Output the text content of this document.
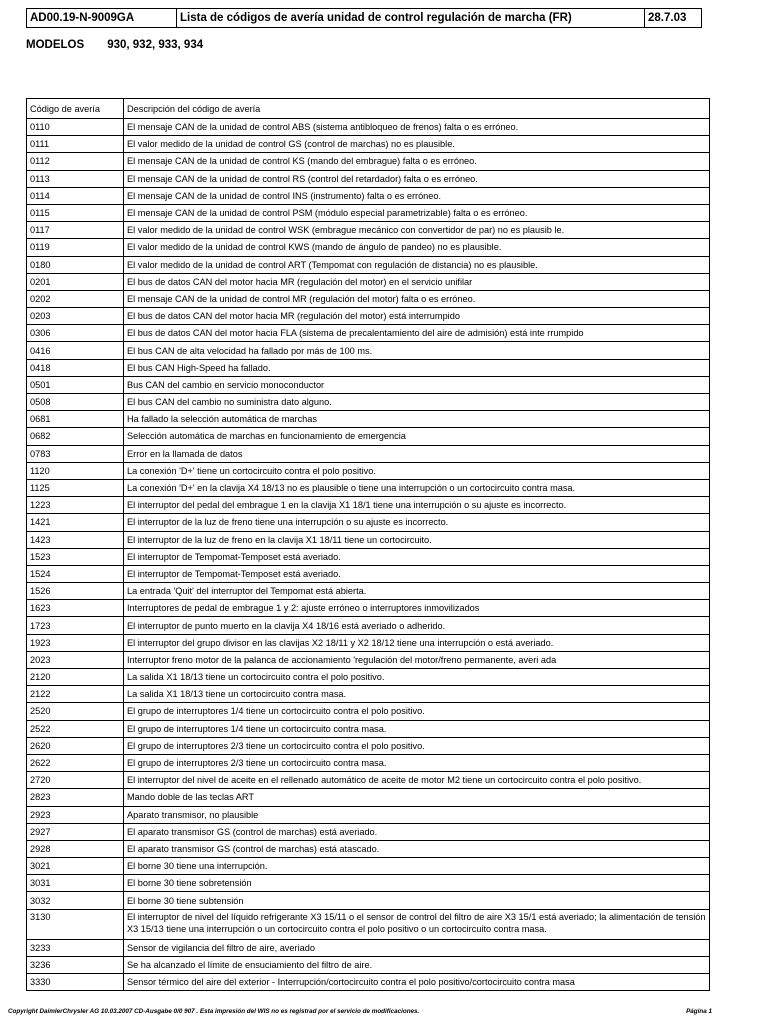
AD00.19-N-9009GA	Lista de códigos de avería unidad de control regulación de marcha (FR)	28.7.03
MODELOS 930, 932, 933, 934
Código de avería	Descripción del código de avería
0110	El mensaje CAN de la unidad de control ABS (sistema antibloqueo de frenos) falta o es erróneo.
0111	El valor medido de la unidad de control GS (control de marchas) no es plausible.
0112	El mensaje CAN de la unidad de control KS (mando del embrague) falta o es erróneo.
0113	El mensaje CAN de la unidad de control RS (control del retardador) falta o es erróneo.
0114	El mensaje CAN de la unidad de control INS (instrumento) falta o es erróneo.
0115	El mensaje CAN de la unidad de control PSM (módulo especial parametrizable) falta o es erróneo.
0117	El valor medido de la unidad de control WSK (embrague mecánico con convertidor de par) no es plausib le.
0119	El valor medido de la unidad de control KWS (mando de ángulo de pandeo) no es plausible.
0180	El valor medido de la unidad de control ART (Tempomat con regulación de distancia) no es plausible.
0201	El bus de datos CAN del motor hacia MR (regulación del motor) en el servicio unifilar
0202	El mensaje CAN de la unidad de control MR (regulación del motor) falta o es erróneo.
0203	El bus de datos CAN del motor hacia MR (regulación del motor) está interrumpido
0306	El bus de datos CAN del motor hacia FLA (sistema de precalentamiento del aire de admisión) está inte rrumpido
0416	El bus CAN de alta velocidad ha fallado por más de 100 ms.
0418	El bus CAN High-Speed ha fallado.
0501	Bus CAN del cambio en servicio monoconductor
0508	El bus CAN del cambio no suministra dato alguno.
0681	Ha fallado la selección automática de marchas
0682	Selección automática de marchas en funcionamiento de emergencia
0783	Error en la llamada de datos
1120	La conexión 'D+' tiene un cortocircuito contra el polo positivo.
1125	La conexión 'D+' en la clavija X4 18/13 no es plausible o tiene una interrupción o un cortocircuito contra masa.
1223	El interruptor del pedal del embrague 1 en la clavija X1 18/1 tiene una interrupción o su ajuste es incorrecto.
1421	El interruptor de la luz de freno tiene una interrupción o su ajuste es incorrecto.
1423	El interruptor de la luz de freno en la clavija X1 18/11 tiene un cortocircuito.
1523	El interruptor de Tempomat-Temposet está averiado.
1524	El interruptor de Tempomat-Temposet está averiado.
1526	La entrada 'Quit' del interruptor del Tempomat está abierta.
1623	Interruptores de pedal de embrague 1 y 2: ajuste erróneo o interruptores inmovilizados
1723	El interruptor de punto muerto en la clavija X4 18/16 está averiado o adherido.
1923	El interruptor del grupo divisor en las clavijas X2 18/11 y X2 18/12 tiene una interrupción o está averiado.
2023	Interruptor freno motor de la palanca de accionamiento 'regulación del motor/freno permanente, averi ada
2120	La salida X1 18/13 tiene un cortocircuito contra el polo positivo.
2122	La salida X1 18/13 tiene un cortocircuito contra masa.
2520	El grupo de interruptores 1/4 tiene un cortocircuito contra el polo positivo.
2522	El grupo de interruptores 1/4 tiene un cortocircuito contra masa.
2620	El grupo de interruptores 2/3 tiene un cortocircuito contra el polo positivo.
2622	El grupo de interruptores 2/3 tiene un cortocircuito contra masa.
2720	El interruptor del nivel de aceite en el rellenado automático de aceite de motor M2 tiene un cortocircuito contra el polo positivo.
2823	Mando doble de las teclas ART
2923	Aparato transmisor, no plausible
2927	El aparato transmisor GS (control de marchas) está averiado.
2928	El aparato transmisor GS (control de marchas) está atascado.
3021	El borne 30 tiene una interrupción.
3031	El borne 30 tiene sobretensión
3032	El borne 30 tiene subtensión
3130	El interruptor de nivel del líquido refrigerante X3 15/11 o el sensor de control del filtro de aire X3 15/1 está averiado; la alimentación de tensión X3 15/13 tiene una interrupción o un cortocircuito contra el polo positivo o un cortocircuito contra masa.
3233	Sensor de vigilancia del filtro de aire, averiado
3236	Se ha alcanzado el límite de ensuciamiento del filtro de aire.
3330	Sensor térmico del aire del exterior - Interrupción/cortocircuito contra el polo positivo/cortocircuito contra masa
Copyright DaimlerChrysler AG 10.03.2007 CD-Ausgabe 0/0 907 . Esta impresión del WIS no es registrad por el servicio de modificaciones.	Página 1
